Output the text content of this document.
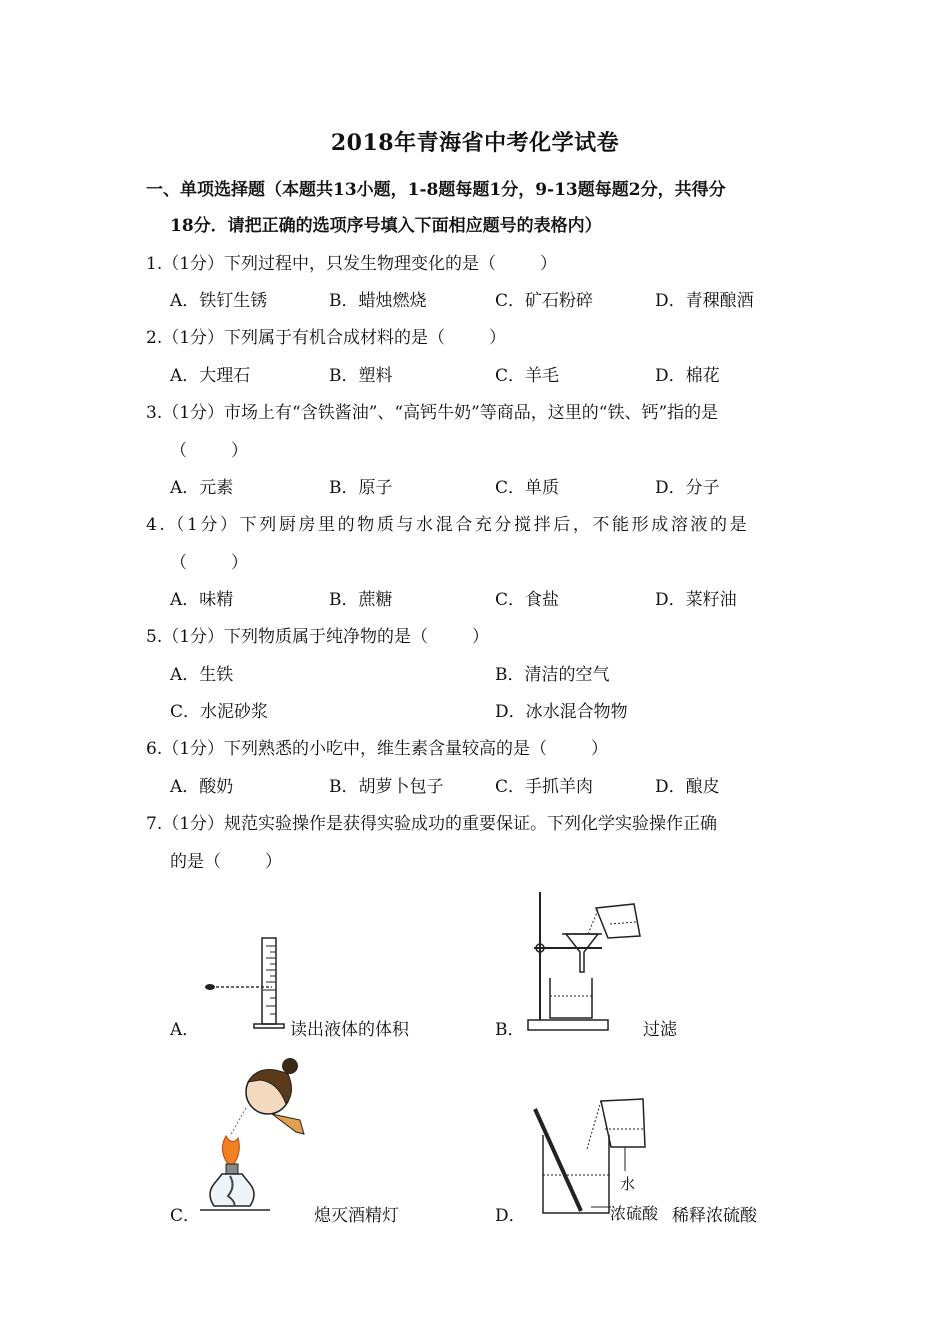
2018年青海省中考化学试卷
一、单项选择题（本题共13小题，1-8题每题1分，9-13题每题2分，共得分
18分．请把正确的选项序号填入下面相应题号的表格内）
1.（1分）下列过程中，只发生物理变化的是（	）
A．铁钉生锈	B．蜡烛燃烧	C．矿石粉碎	D．青稞酿酒
2.（1分）下列属于有机合成材料的是（	）
A．大理石	B．塑料	C．羊毛	D．棉花
3.（1分）市场上有“含铁酱油”、“高钙牛奶”等商品，这里的“铁、钙”指的是
（	）
A．元素	B．原子	C．单质	D．分子
4.（1分）下列厨房里的物质与水混合充分搅拌后，不能形成溶液的是
（	）
A．味精	B．蔗糖	C．食盐	D．菜籽油
5.（1分）下列物质属于纯净物的是（	）
A．生铁	B．清洁的空气
C．水泥砂浆	D．冰水混合物物
6.（1分）下列熟悉的小吃中，维生素含量较高的是（	）
A．酸奶	B．胡萝卜包子	C．手抓羊肉	D．酿皮
7.（1分）规范实验操作是获得实验成功的重要保证。下列化学实验操作正确
的是（	）
A．	读出液体的体积	B．	过滤
C．	熄灭酒精灯	D．
水
浓硫酸 稀释浓硫酸
